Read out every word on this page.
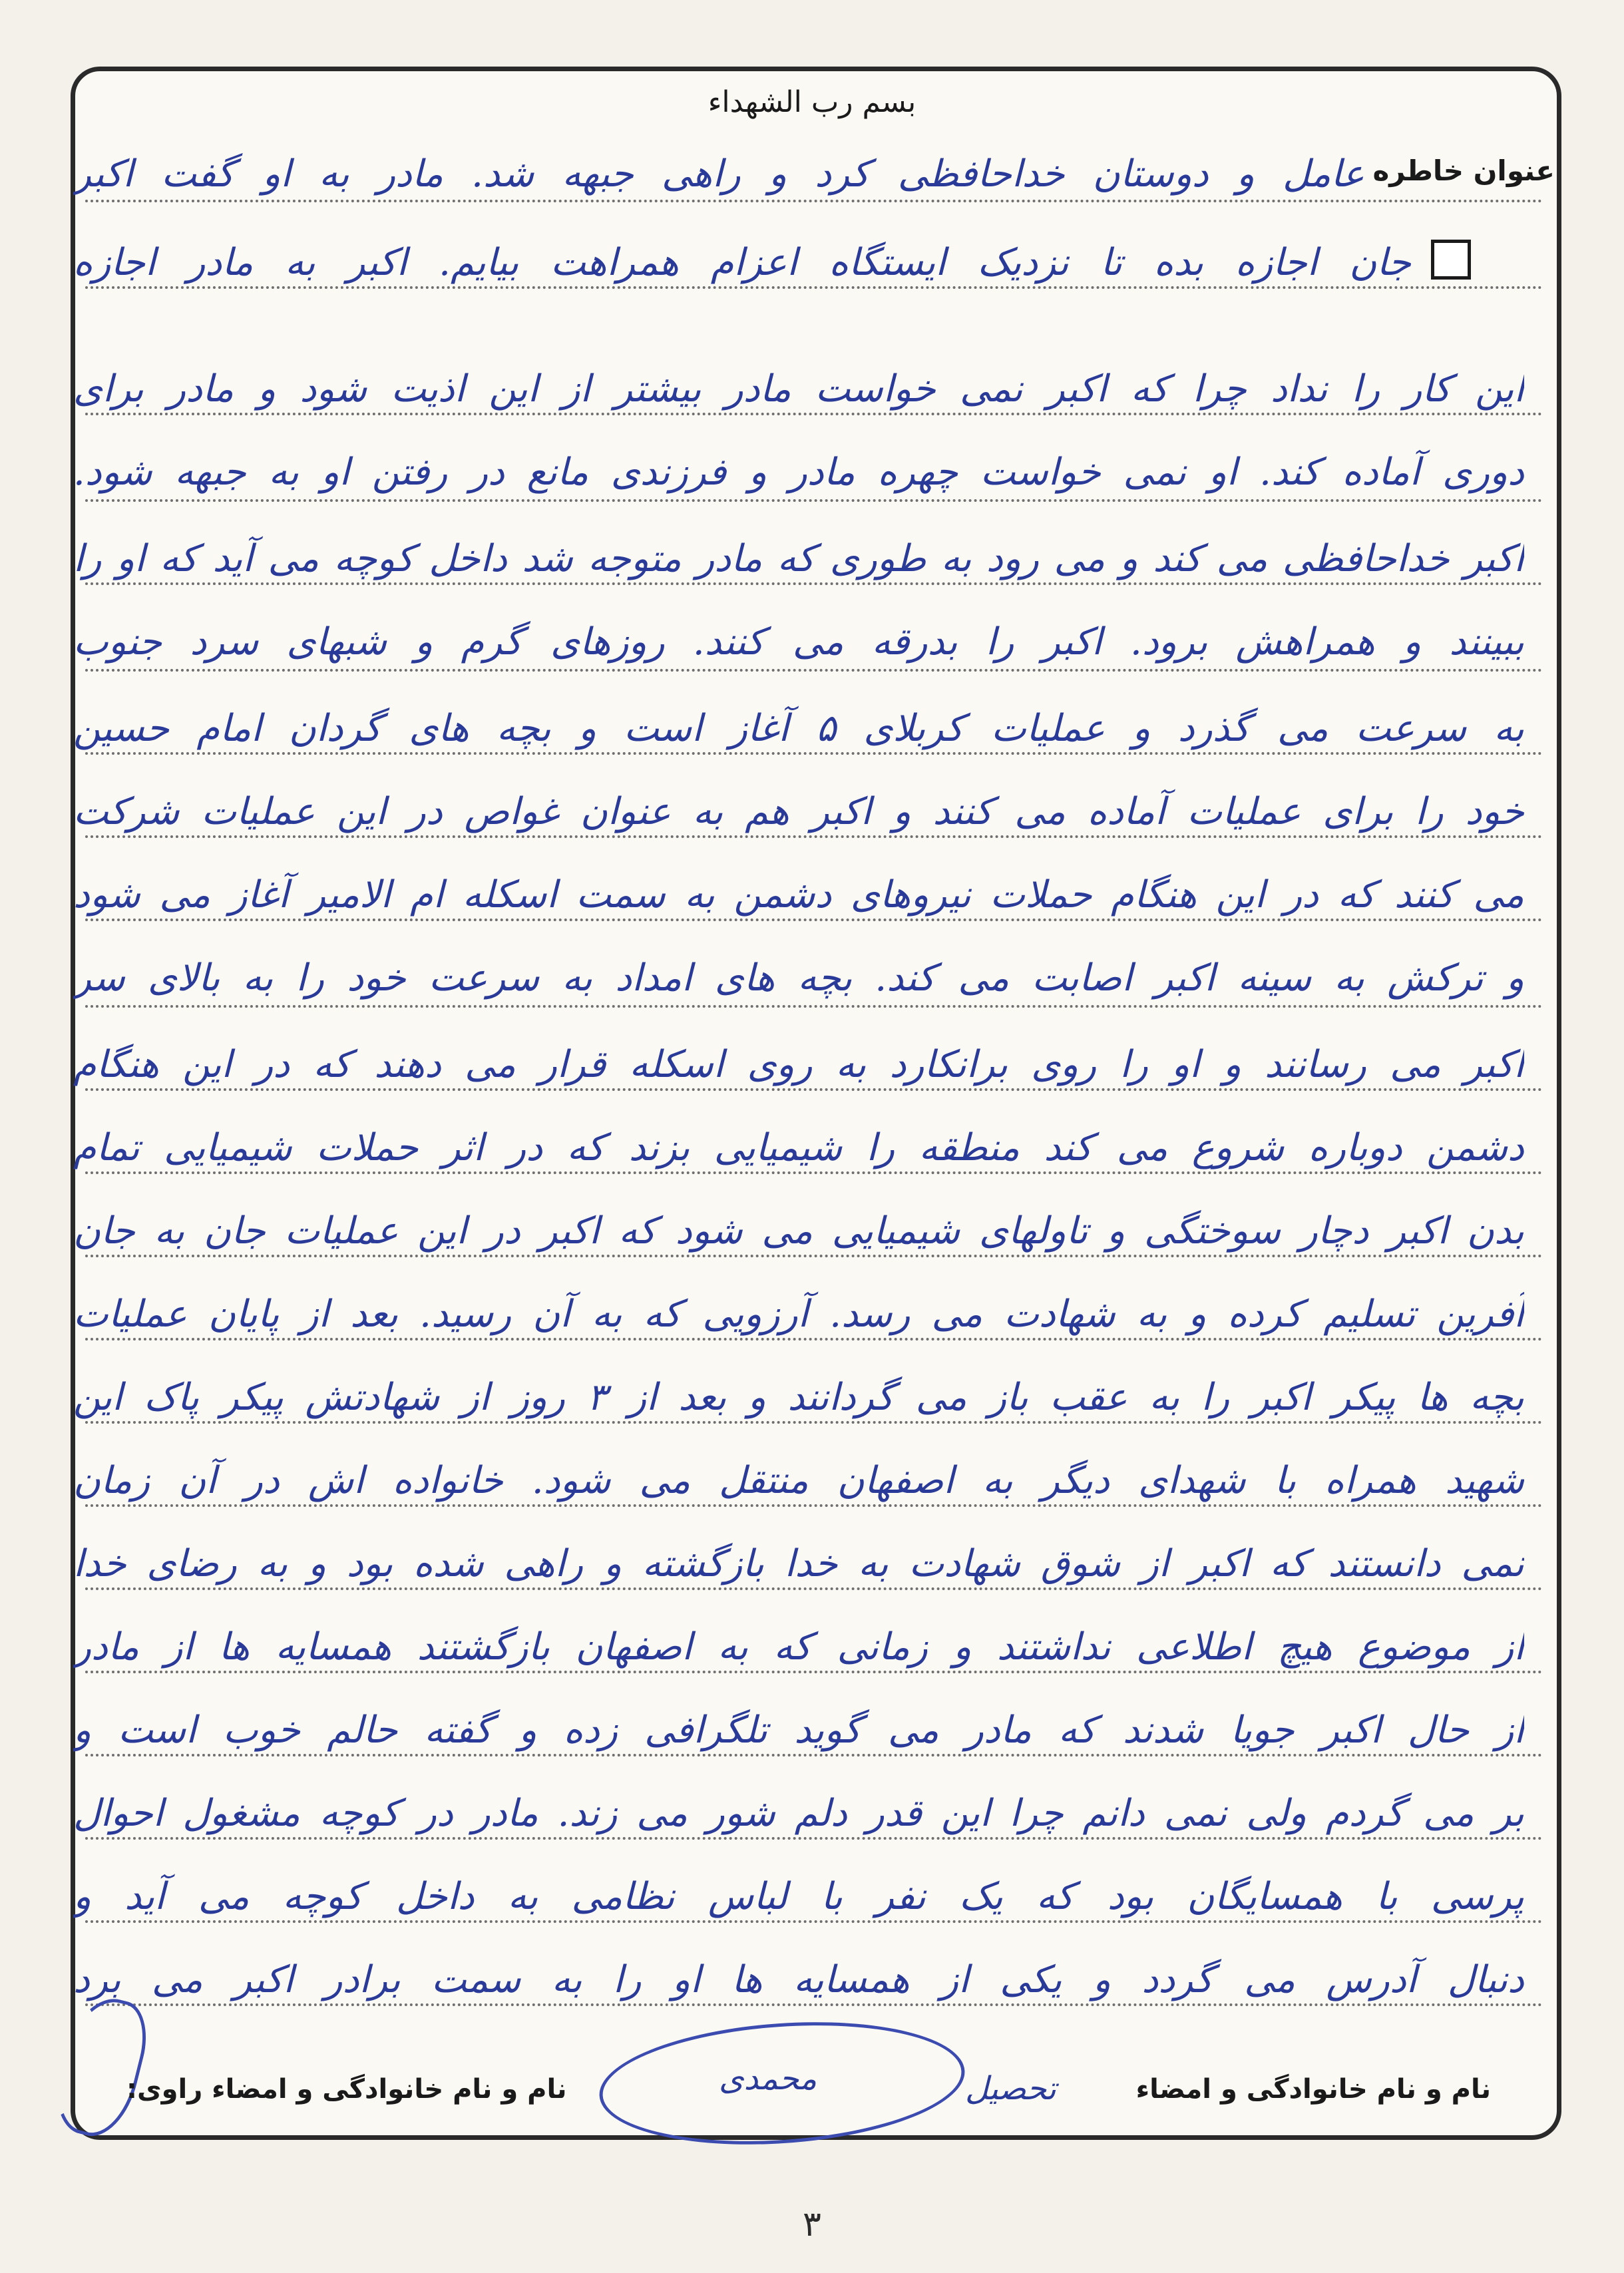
بسم رب الشهداء
عنوان خاطره
عامل و دوستان خداحافظی کرد و راهی جبهه شد. مادر به او گفت اکبر
جان اجازه بده تا نزدیک ایستگاه اعزام همراهت بیایم. اکبر به مادر اجازه
این کار را نداد چرا که اکبر نمی خواست مادر بیشتر از این اذیت شود و مادر برای
دوری آماده کند. او نمی خواست چهره مادر و فرزندی مانع در رفتن او به جبهه شود.
اکبر خداحافظی می کند و می رود به طوری که مادر متوجه شد داخل کوچه می آید که او را
ببینند و همراهش برود. اکبر را بدرقه می کنند. روزهای گرم و شبهای سرد جنوب
به سرعت می گذرد و عملیات کربلای ۵ آغاز است و بچه های گردان امام حسین
خود را برای عملیات آماده می کنند و اکبر هم به عنوان غواص در این عملیات شرکت
می کنند که در این هنگام حملات نیروهای دشمن به سمت اسکله ام الامیر آغاز می شود
و ترکش به سینه اکبر اصابت می کند. بچه های امداد به سرعت خود را به بالای سر
اکبر می رسانند و او را روی برانکارد به روی اسکله قرار می دهند که در این هنگام
دشمن دوباره شروع می کند منطقه را شیمیایی بزند که در اثر حملات شیمیایی تمام
بدن اکبر دچار سوختگی و تاولهای شیمیایی می شود که اکبر در این عملیات جان به جان
آفرین تسلیم کرده و به شهادت می رسد. آرزویی که به آن رسید. بعد از پایان عملیات
بچه ها پیکر اکبر را به عقب باز می گردانند و بعد از ۳ روز از شهادتش پیکر پاک این
شهید همراه با شهدای دیگر به اصفهان منتقل می شود. خانواده اش در آن زمان
نمی دانستند که اکبر از شوق شهادت به خدا بازگشته و راهی شده بود و به رضای خدا
از موضوع هیچ اطلاعی نداشتند و زمانی که به اصفهان بازگشتند همسایه ها از مادر
از حال اکبر جویا شدند که مادر می گوید تلگرافی زده و گفته حالم خوب است و
بر می گردم ولی نمی دانم چرا این قدر دلم شور می زند. مادر در کوچه مشغول احوال
پرسی با همسایگان بود که یک نفر با لباس نظامی به داخل کوچه می آید و
دنبال آدرس می گردد و یکی از همسایه ها او را به سمت برادر اکبر می برد
محمدی
نام و نام خانوادگی و امضاء راوی:	تحصیل	نام و نام خانوادگی و امضاء
۳
